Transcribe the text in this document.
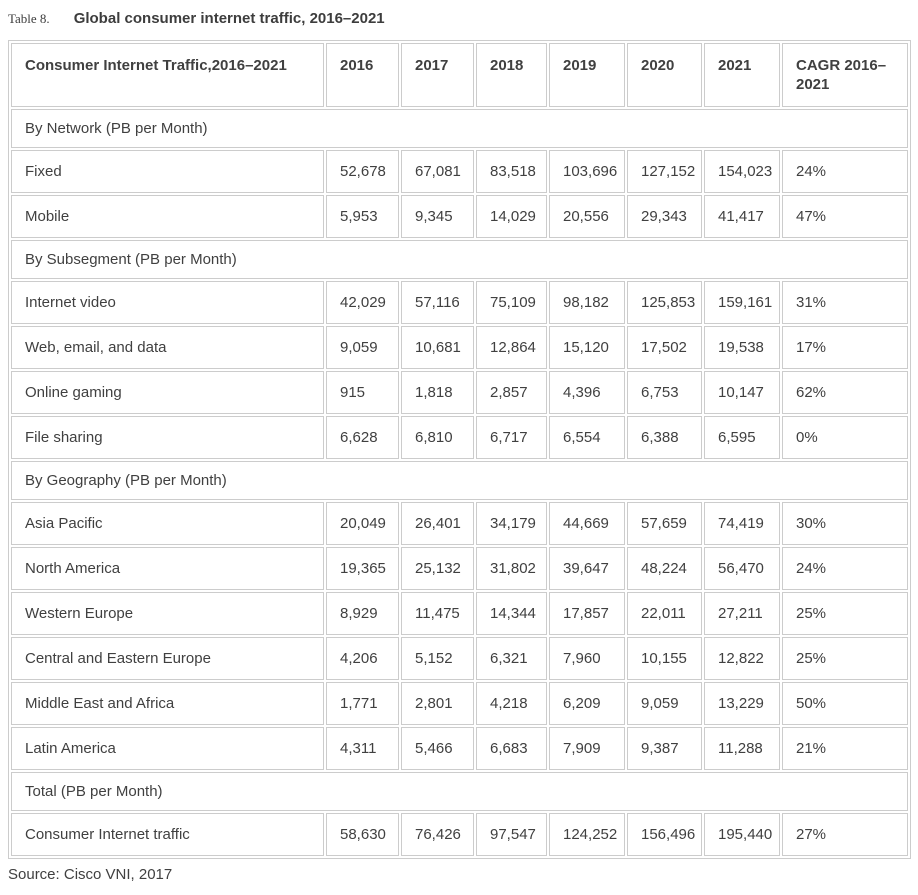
Table 8. Global consumer internet traffic, 2016–2021
Consumer Internet Traffic,2016–2021	2016	2017	2018	2019	2020	2021	CAGR 2016–2021
By Network (PB per Month)							
Fixed	52,678	67,081	83,518	103,696	127,152	154,023	24%
Mobile	5,953	9,345	14,029	20,556	29,343	41,417	47%
By Subsegment (PB per Month)							
Internet video	42,029	57,116	75,109	98,182	125,853	159,161	31%
Web, email, and data	9,059	10,681	12,864	15,120	17,502	19,538	17%
Online gaming	915	1,818	2,857	4,396	6,753	10,147	62%
File sharing	6,628	6,810	6,717	6,554	6,388	6,595	0%
By Geography (PB per Month)							
Asia Pacific	20,049	26,401	34,179	44,669	57,659	74,419	30%
North America	19,365	25,132	31,802	39,647	48,224	56,470	24%
Western Europe	8,929	11,475	14,344	17,857	22,011	27,211	25%
Central and Eastern Europe	4,206	5,152	6,321	7,960	10,155	12,822	25%
Middle East and Africa	1,771	2,801	4,218	6,209	9,059	13,229	50%
Latin America	4,311	5,466	6,683	7,909	9,387	11,288	21%
Total (PB per Month)							
Consumer Internet traffic	58,630	76,426	97,547	124,252	156,496	195,440	27%

Source: Cisco VNI, 2017
